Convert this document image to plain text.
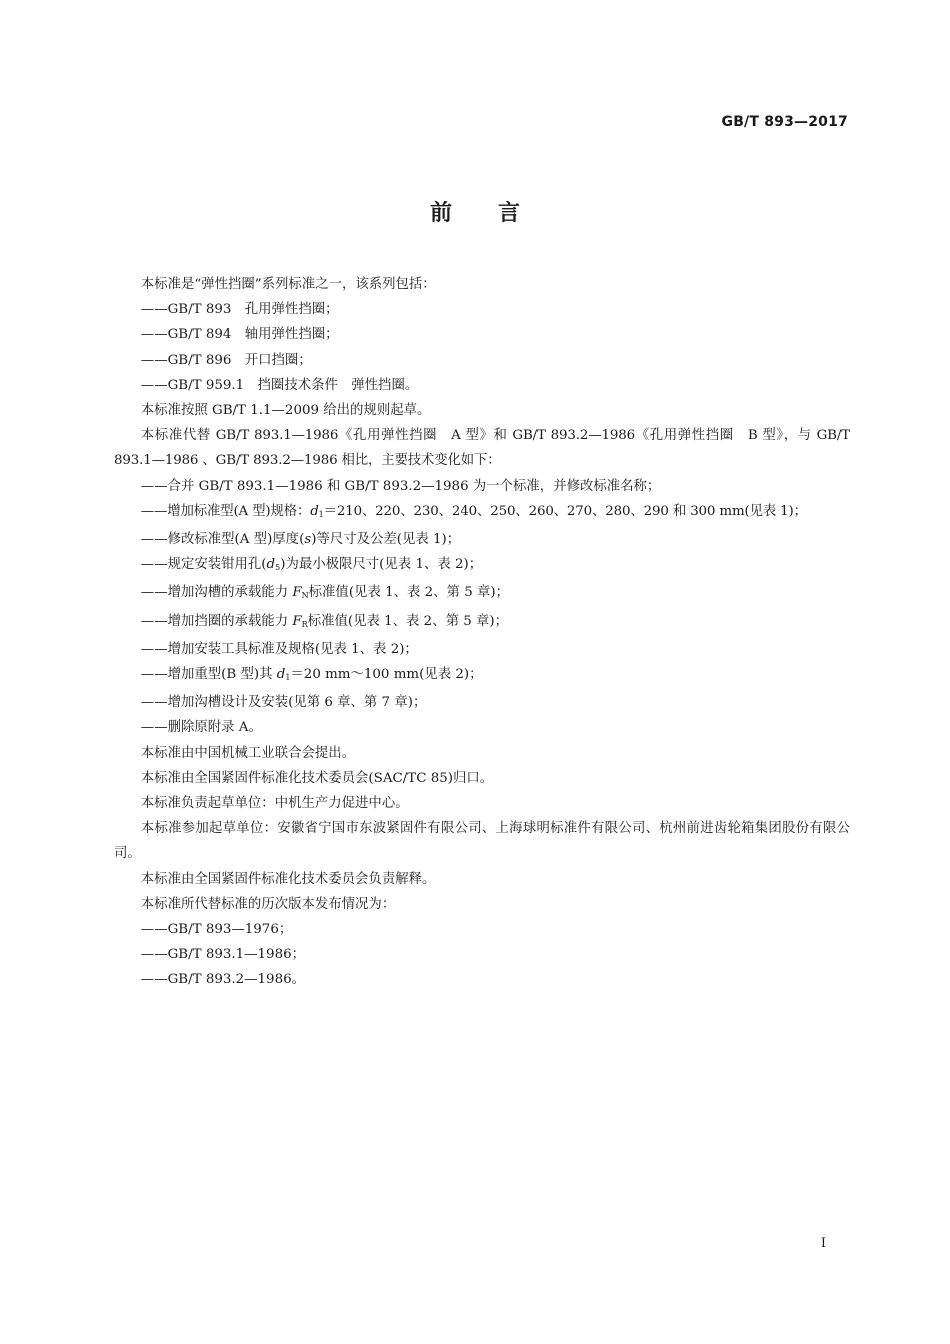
GB/T 893—2017
前 言

本标准是“弹性挡圈”系列标准之一，该系列包括：

——GB/T 893　孔用弹性挡圈；

——GB/T 894　轴用弹性挡圈；

——GB/T 896　开口挡圈；

——GB/T 959.1　挡圈技术条件　弹性挡圈。

本标准按照 GB/T 1.1—2009 给出的规则起草。

本标准代替 GB/T 893.1—1986《孔用弹性挡圈　A 型》和 GB/T 893.2—1986《孔用弹性挡圈　B 型》，与 GB/T 893.1—1986 、GB/T 893.2—1986 相比，主要技术变化如下：

——合并 GB/T 893.1—1986 和 GB/T 893.2—1986 为一个标准，并修改标准名称；

——增加标准型(A 型)规格：$d_1=210$、220、230、240、250、260、270、280、290 和 300 mm(见表 1)；

——修改标准型(A 型)厚度(s)等尺寸及公差(见表 1)；

——规定安装钳用孔$(d_5)$为最小极限尺寸(见表 1、表 2)；

——增加沟槽的承载能力 $F_N$标准值(见表 1、表 2、第 5 章)；

——增加挡圈的承载能力 $F_R$标准值(见表 1、表 2、第 5 章)；

——增加安装工具标准及规格(见表 1、表 2)；

——增加重型(B 型)其 $d_1=20$ mm～100 mm(见表 2)；

——增加沟槽设计及安装(见第 6 章、第 7 章)；

——删除原附录 A。

本标准由中国机械工业联合会提出。

本标准由全国紧固件标准化技术委员会(SAC/TC 85)归口。

本标准负责起草单位：中机生产力促进中心。

本标准参加起草单位：安徽省宁国市东波紧固件有限公司、上海球明标准件有限公司、杭州前进齿轮箱集团股份有限公司。

本标准由全国紧固件标准化技术委员会负责解释。

本标准所代替标准的历次版本发布情况为：

——GB/T 893—1976；

——GB/T 893.1—1986；

——GB/T 893.2—1986。

I
